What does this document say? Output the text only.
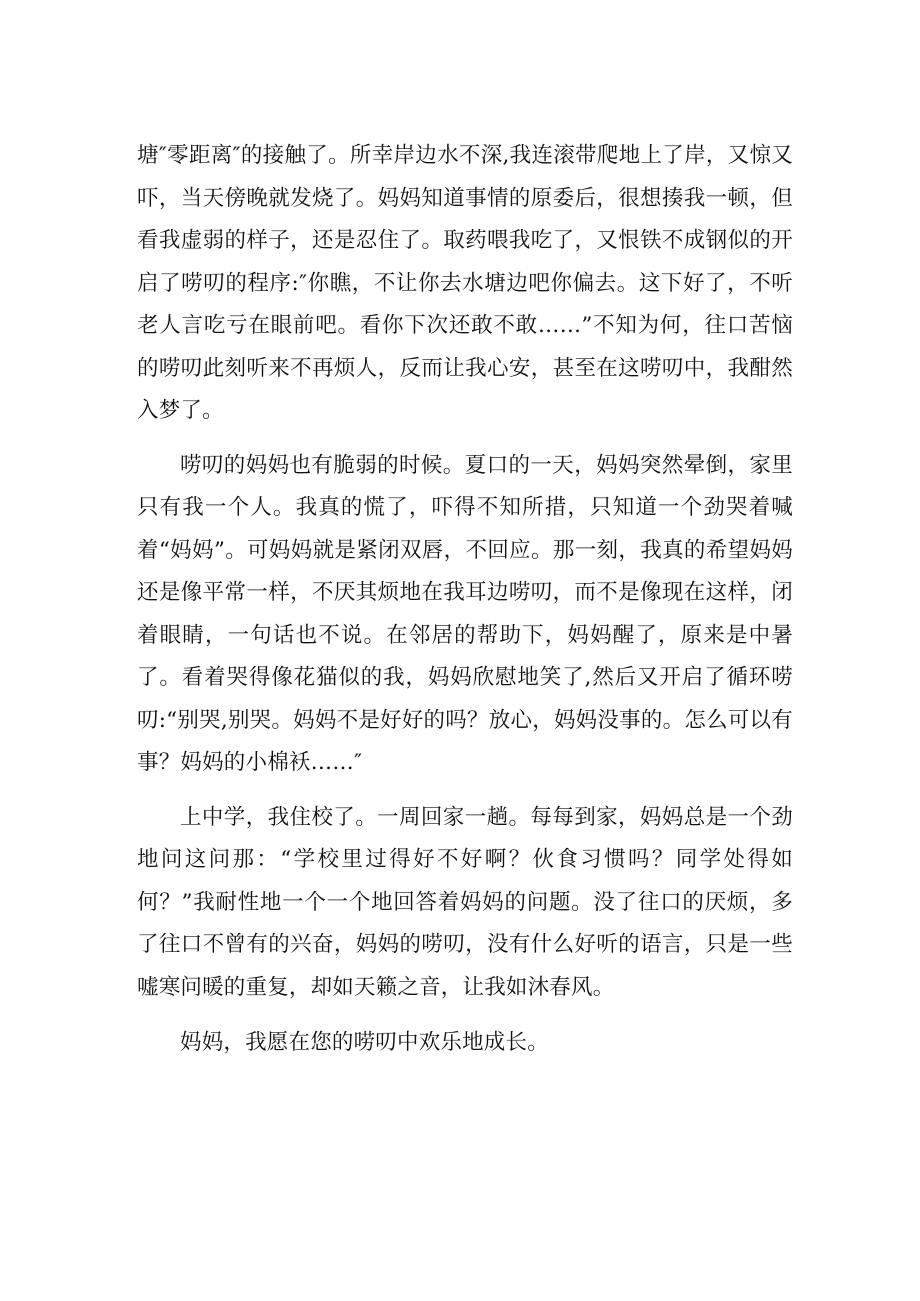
塘″零距离″的接触了。所幸岸边水不深,我连滚带爬地上了岸，又惊又吓，当天傍晚就发烧了。妈妈知道事情的原委后，很想揍我一顿，但看我虚弱的样子，还是忍住了。取药喂我吃了，又恨铁不成钢似的开启了唠叨的程序:″你瞧，不让你去水塘边吧你偏去。这下好了，不听老人言吃亏在眼前吧。看你下次还敢不敢……”不知为何，往口苦恼的唠叨此刻听来不再烦人，反而让我心安，甚至在这唠叨中，我酣然入梦了。

唠叨的妈妈也有脆弱的时候。夏口的一天，妈妈突然晕倒，家里只有我一个人。我真的慌了，吓得不知所措，只知道一个劲哭着喊着“妈妈”。可妈妈就是紧闭双唇，不回应。那一刻，我真的希望妈妈还是像平常一样，不厌其烦地在我耳边唠叨，而不是像现在这样，闭着眼睛，一句话也不说。在邻居的帮助下，妈妈醒了，原来是中暑了。看着哭得像花猫似的我，妈妈欣慰地笑了,然后又开启了循环唠叨:“别哭,别哭。妈妈不是好好的吗？放心，妈妈没事的。怎么可以有事？妈妈的小棉袄……″

上中学，我住校了。一周回家一趟。每每到家，妈妈总是一个劲地问这问那：“学校里过得好不好啊？伙食习惯吗？同学处得如何？”我耐性地一个一个地回答着妈妈的问题。没了往口的厌烦，多了往口不曾有的兴奋，妈妈的唠叨，没有什么好听的语言，只是一些嘘寒问暖的重复，却如天籁之音，让我如沐春风。

妈妈，我愿在您的唠叨中欢乐地成长。
